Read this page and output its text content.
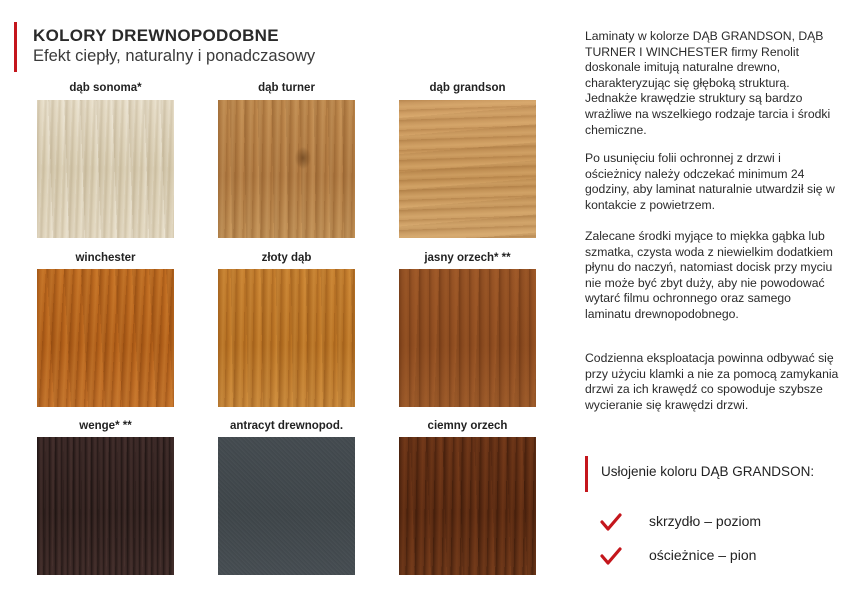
KOLORY DREWNOPODOBNE
Efekt ciepły, naturalny i ponadczasowy
dąb sonoma*	dąb turner	dąb grandson
winchester	złoty dąb	jasny orzech* **
wenge* **	antracyt drewnopod.	ciemny orzech

Laminaty w kolorze DĄB GRANDSON, DĄB TURNER I WINCHESTER firmy Renolit doskonale imitują naturalne drewno, charakteryzując się głęboką strukturą. Jednakże krawędzie struktury są bardzo wrażliwe na wszelkiego rodzaje tarcia i środki chemiczne.

Po usunięciu folii ochronnej z drzwi i ościeżnicy należy odczekać minimum 24 godziny, aby laminat naturalnie utwardził się w kontakcie z powietrzem.

Zalecane środki myjące to miękka gąbka lub szmatka, czysta woda z niewielkim dodatkiem płynu do naczyń, natomiast docisk przy myciu nie może być zbyt duży, aby nie powodować wytarć filmu ochronnego oraz samego laminatu drewnopodobnego.

Codzienna eksploatacja powinna odbywać się przy użyciu klamki a nie za pomocą zamykania drzwi za ich krawędź co spowoduje szybsze wycieranie się krawędzi drzwi.

Usłojenie koloru DĄB GRANDSON:
skrzydło – poziom
ościeżnice – pion
